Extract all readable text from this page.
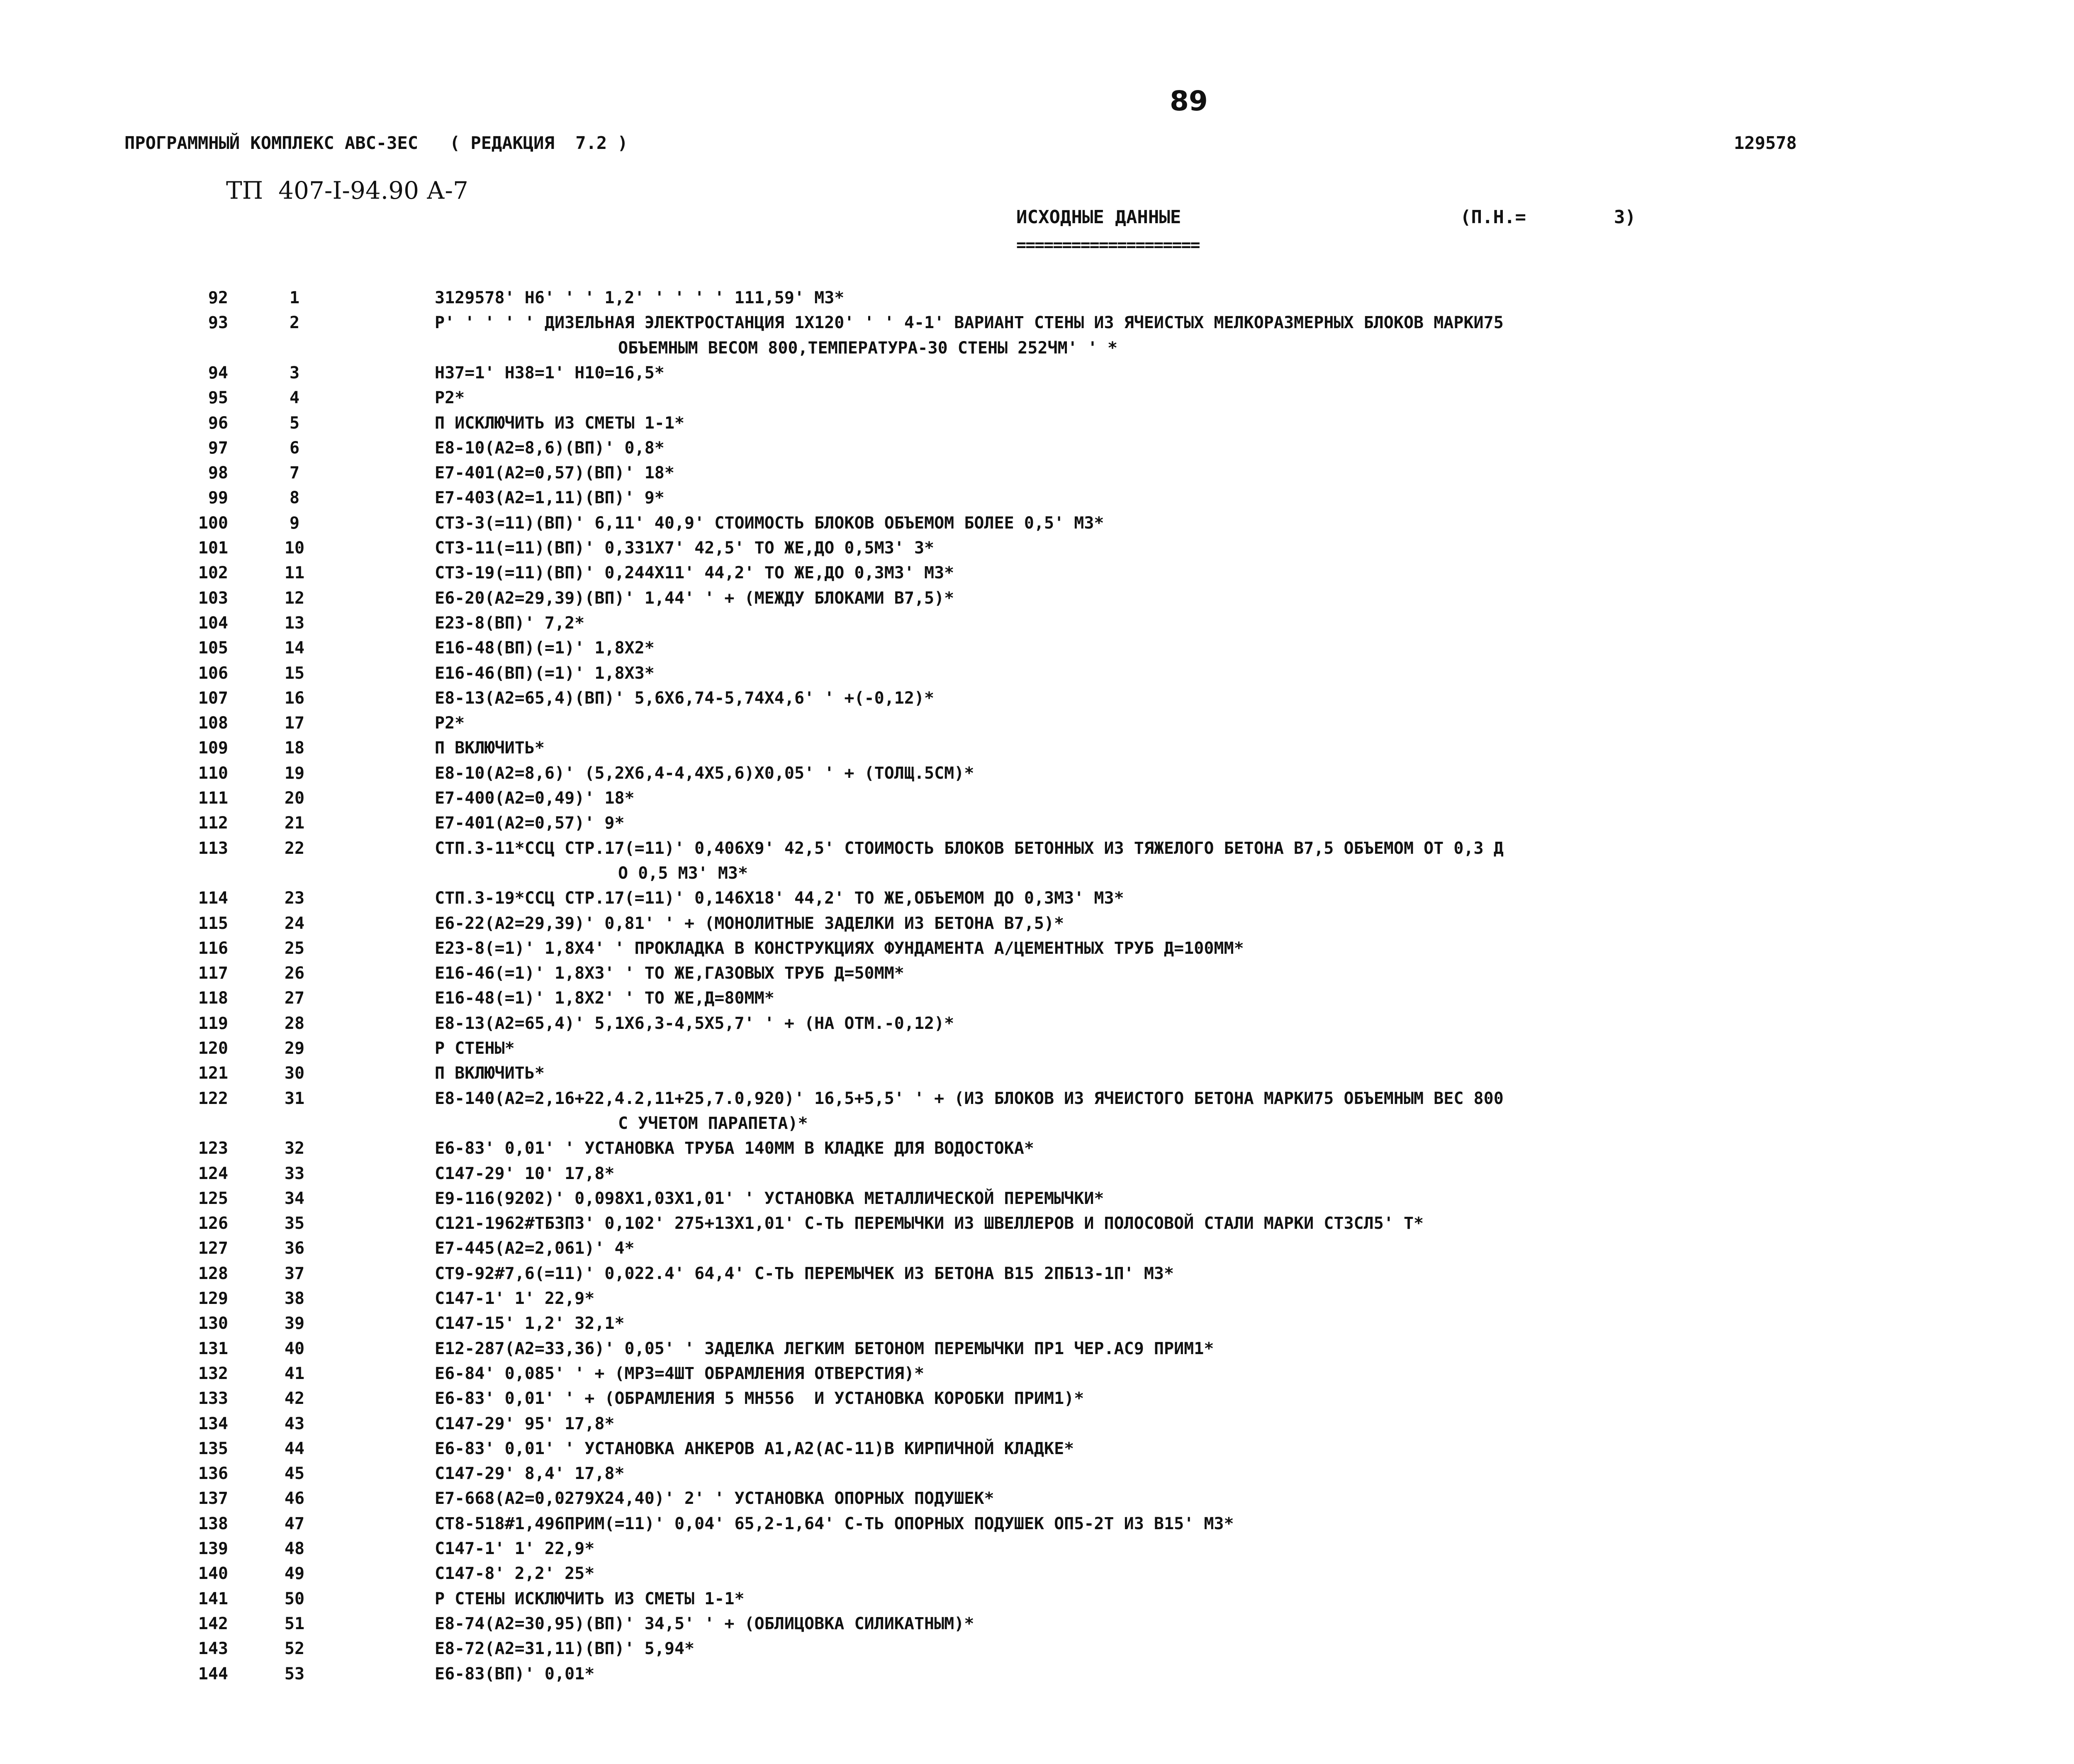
89
ПРОГРАММНЫЙ КОМПЛЕКС АВС-3ЕС   ( РЕДАКЦИЯ  7.2 )	129578
ТП  407-I-94.90 А-7
ИСХОДНЫЕ ДАННЫЕ
====================
(П.Н.=        3)
92	1	3129578' Н6' ' ' 1,2' ' ' ' ' 111,59' М3*
93	2	Р' ' ' ' ' ДИЗЕЛЬНАЯ ЭЛЕКТРОСТАНЦИЯ 1Х120' ' ' 4-1' ВАРИАНТ СТЕНЫ ИЗ ЯЧЕИСТЫХ МЕЛКОРАЗМЕРНЫХ БЛОКОВ МАРКИ75
ОБЪЕМНЫМ ВЕСОМ 800,ТЕМПЕРАТУРА-30 СТЕНЫ 252ЧМ' ' *
94	3	Н37=1' Н38=1' Н10=16,5*
95	4	Р2*
96	5	П ИСКЛЮЧИТЬ ИЗ СМЕТЫ 1-1*
97	6	Е8-10(А2=8,6)(ВП)' 0,8*
98	7	Е7-401(А2=0,57)(ВП)' 18*
99	8	Е7-403(А2=1,11)(ВП)' 9*
100	9	СТ3-3(=11)(ВП)' 6,11' 40,9' СТОИМОСТЬ БЛОКОВ ОБЪЕМОМ БОЛЕЕ 0,5' М3*
101	10	СТ3-11(=11)(ВП)' 0,331Х7' 42,5' ТО ЖЕ,ДО 0,5М3' 3*
102	11	СТ3-19(=11)(ВП)' 0,244Х11' 44,2' ТО ЖЕ,ДО 0,3М3' М3*
103	12	Е6-20(А2=29,39)(ВП)' 1,44' ' + (МЕЖДУ БЛОКАМИ В7,5)*
104	13	Е23-8(ВП)' 7,2*
105	14	Е16-48(ВП)(=1)' 1,8Х2*
106	15	Е16-46(ВП)(=1)' 1,8Х3*
107	16	Е8-13(А2=65,4)(ВП)' 5,6Х6,74-5,74Х4,6' ' +(-0,12)*
108	17	Р2*
109	18	П ВКЛЮЧИТЬ*
110	19	Е8-10(А2=8,6)' (5,2Х6,4-4,4Х5,6)Х0,05' ' + (ТОЛЩ.5СМ)*
111	20	Е7-400(А2=0,49)' 18*
112	21	Е7-401(А2=0,57)' 9*
113	22	СТП.3-11*ССЦ СТР.17(=11)' 0,406Х9' 42,5' СТОИМОСТЬ БЛОКОВ БЕТОННЫХ ИЗ ТЯЖЕЛОГО БЕТОНА В7,5 ОБЪЕМОМ ОТ 0,3 Д
О 0,5 М3' М3*
114	23	СТП.3-19*ССЦ СТР.17(=11)' 0,146Х18' 44,2' ТО ЖЕ,ОБЪЕМОМ ДО 0,3М3' М3*
115	24	Е6-22(А2=29,39)' 0,81' ' + (МОНОЛИТНЫЕ ЗАДЕЛКИ ИЗ БЕТОНА В7,5)*
116	25	Е23-8(=1)' 1,8Х4' ' ПРОКЛАДКА В КОНСТРУКЦИЯХ ФУНДАМЕНТА А/ЦЕМЕНТНЫХ ТРУБ Д=100ММ*
117	26	Е16-46(=1)' 1,8Х3' ' ТО ЖЕ,ГАЗОВЫХ ТРУБ Д=50ММ*
118	27	Е16-48(=1)' 1,8Х2' ' ТО ЖЕ,Д=80ММ*
119	28	Е8-13(А2=65,4)' 5,1Х6,3-4,5Х5,7' ' + (НА ОТМ.-0,12)*
120	29	Р СТЕНЫ*
121	30	П ВКЛЮЧИТЬ*
122	31	Е8-140(А2=2,16+22,4.2,11+25,7.0,920)' 16,5+5,5' ' + (ИЗ БЛОКОВ ИЗ ЯЧЕИСТОГО БЕТОНА МАРКИ75 ОБЪЕМНЫМ ВЕС 800
С УЧЕТОМ ПАРАПЕТА)*
123	32	Е6-83' 0,01' ' УСТАНОВКА ТРУБА 140ММ В КЛАДКЕ ДЛЯ ВОДОСТОКА*
124	33	С147-29' 10' 17,8*
125	34	Е9-116(9202)' 0,098Х1,03Х1,01' ' УСТАНОВКА МЕТАЛЛИЧЕСКОЙ ПЕРЕМЫЧКИ*
126	35	С121-1962#ТБ3П3' 0,102' 275+13Х1,01' С-ТЬ ПЕРЕМЫЧКИ ИЗ ШВЕЛЛЕРОВ И ПОЛОСОВОЙ СТАЛИ МАРКИ СТ3СЛ5' Т*
127	36	Е7-445(А2=2,061)' 4*
128	37	СТ9-92#7,6(=11)' 0,022.4' 64,4' С-ТЬ ПЕРЕМЫЧЕК ИЗ БЕТОНА В15 2ПБ13-1П' М3*
129	38	С147-1' 1' 22,9*
130	39	С147-15' 1,2' 32,1*
131	40	Е12-287(А2=33,36)' 0,05' ' ЗАДЕЛКА ЛЕГКИМ БЕТОНОМ ПЕРЕМЫЧКИ ПР1 ЧЕР.АС9 ПРИМ1*
132	41	Е6-84' 0,085' ' + (МР3=4ШТ ОБРАМЛЕНИЯ ОТВЕРСТИЯ)*
133	42	Е6-83' 0,01' ' + (ОБРАМЛЕНИЯ 5 МН556  И УСТАНОВКА КОРОБКИ ПРИМ1)*
134	43	С147-29' 95' 17,8*
135	44	Е6-83' 0,01' ' УСТАНОВКА АНКЕРОВ А1,А2(АС-11)В КИРПИЧНОЙ КЛАДКЕ*
136	45	С147-29' 8,4' 17,8*
137	46	Е7-668(А2=0,0279Х24,40)' 2' ' УСТАНОВКА ОПОРНЫХ ПОДУШЕК*
138	47	СТ8-518#1,496ПРИМ(=11)' 0,04' 65,2-1,64' С-ТЬ ОПОРНЫХ ПОДУШЕК ОП5-2Т ИЗ В15' М3*
139	48	С147-1' 1' 22,9*
140	49	С147-8' 2,2' 25*
141	50	Р СТЕНЫ ИСКЛЮЧИТЬ ИЗ СМЕТЫ 1-1*
142	51	Е8-74(А2=30,95)(ВП)' 34,5' ' + (ОБЛИЦОВКА СИЛИКАТНЫМ)*
143	52	Е8-72(А2=31,11)(ВП)' 5,94*
144	53	Е6-83(ВП)' 0,01*
